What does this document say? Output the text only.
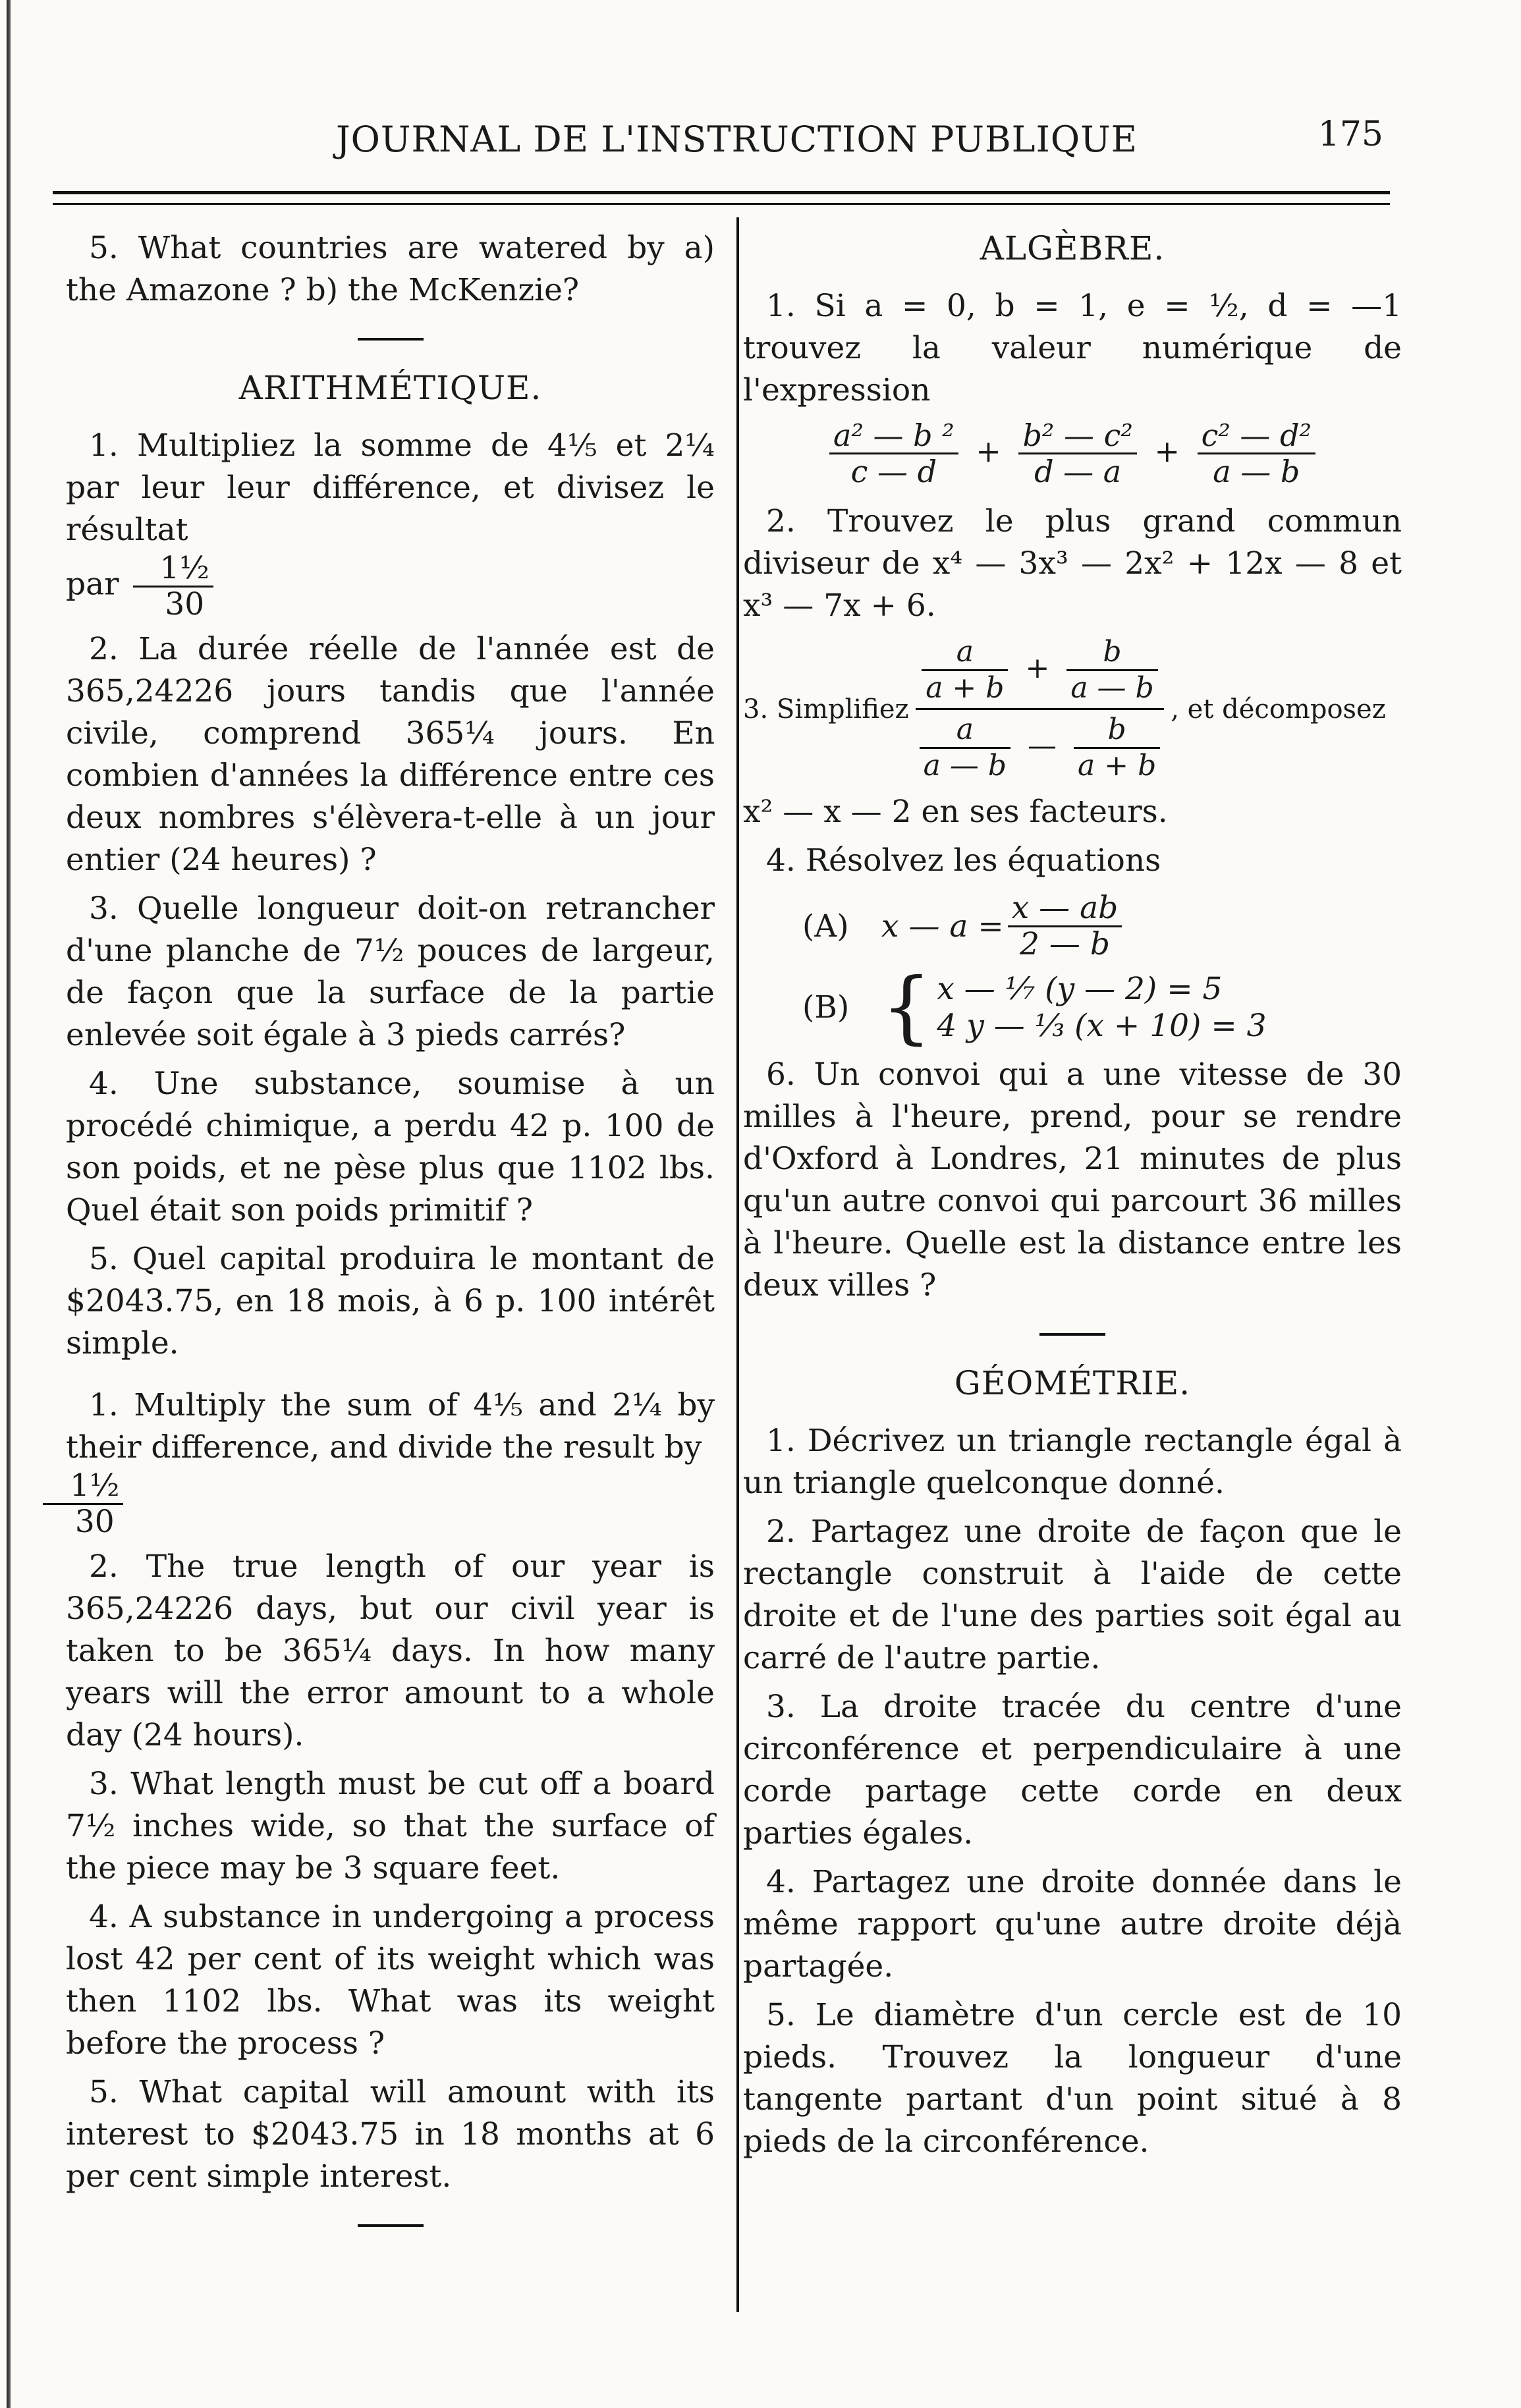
JOURNAL DE L'INSTRUCTION PUBLIQUE	175

5. What countries are watered by a) the Amazone ? b) the McKenzie?

ARITHMÉTIQUE.

1. Multipliez la somme de 4⅕ et 2¼ par leur leur différence, et divisez le résultat
par $\frac{\text{1½}}{30}$

2. La durée réelle de l'année est de 365,24226 jours tandis que l'année civile, comprend 365¼ jours. En combien d'années la différence entre ces deux nombres s'élèvera-t-elle à un jour entier (24 heures) ?

3. Quelle longueur doit-on retrancher d'une planche de 7½ pouces de largeur, de façon que la surface de la partie enlevée soit égale à 3 pieds carrés?

4. Une substance, soumise à un procédé chimique, a perdu 42 p. 100 de son poids, et ne pèse plus que 1102 lbs. Quel était son poids primitif ?

5. Quel capital produira le montant de $2043.75, en 18 mois, à 6 p. 100 intérêt simple.

1. Multiply the sum of 4⅕ and 2¼ by their difference, and divide the result by

$\frac{\text{1½}}{30}$

2. The true length of our year is 365,24226 days, but our civil year is taken to be 365¼ days. In how many years will the error amount to a whole day (24 hours).

3. What length must be cut off a board 7½ inches wide, so that the surface of the piece may be 3 square feet.

4. A substance in undergoing a process lost 42 per cent of its weight which was then 1102 lbs. What was its weight before the process ?

5. What capital will amount with its interest to $2043.75 in 18 months at 6 per cent simple interest.

ALGÈBRE.

1. Si a = 0, b = 1, e = ½, d = —1 trouvez la valeur numérique de l'expression

$\frac{\text{a² — b ²}}{c — d} + \frac{\text{b² — c²}}{d — a} + \frac{\text{c² — d²}}{a — b}$

2. Trouvez le plus grand commun diviseur de x⁴ — 3x³ — 2x² + 12x — 8 et x³ — 7x + 6.

3. Simplifiez
$\frac{a}{a + b} + \frac{b}{a — b}$
$\frac{a}{a — b}$ — $\frac{b}{a + b}$
, et décomposez

x² — x — 2 en ses facteurs.

4. Résolvez les équations

(A)	x — $a = \frac{x — ab}{2 — b}$
(B) { x — ⅐ (y — 2) = 5
4 y — ⅓ (x + 10) = 3

6. Un convoi qui a une vitesse de 30 milles à l'heure, prend, pour se rendre d'Oxford à Londres, 21 minutes de plus qu'un autre convoi qui parcourt 36 milles à l'heure. Quelle est la distance entre les deux villes ?

GÉOMÉTRIE.

1. Décrivez un triangle rectangle égal à un triangle quelconque donné.

2. Partagez une droite de façon que le rectangle construit à l'aide de cette droite et de l'une des parties soit égal au carré de l'autre partie.

3. La droite tracée du centre d'une circonférence et perpendiculaire à une corde partage cette corde en deux parties égales.

4. Partagez une droite donnée dans le même rapport qu'une autre droite déjà partagée.

5. Le diamètre d'un cercle est de 10 pieds. Trouvez la longueur d'une tangente partant d'un point situé à 8 pieds de la circonférence.
